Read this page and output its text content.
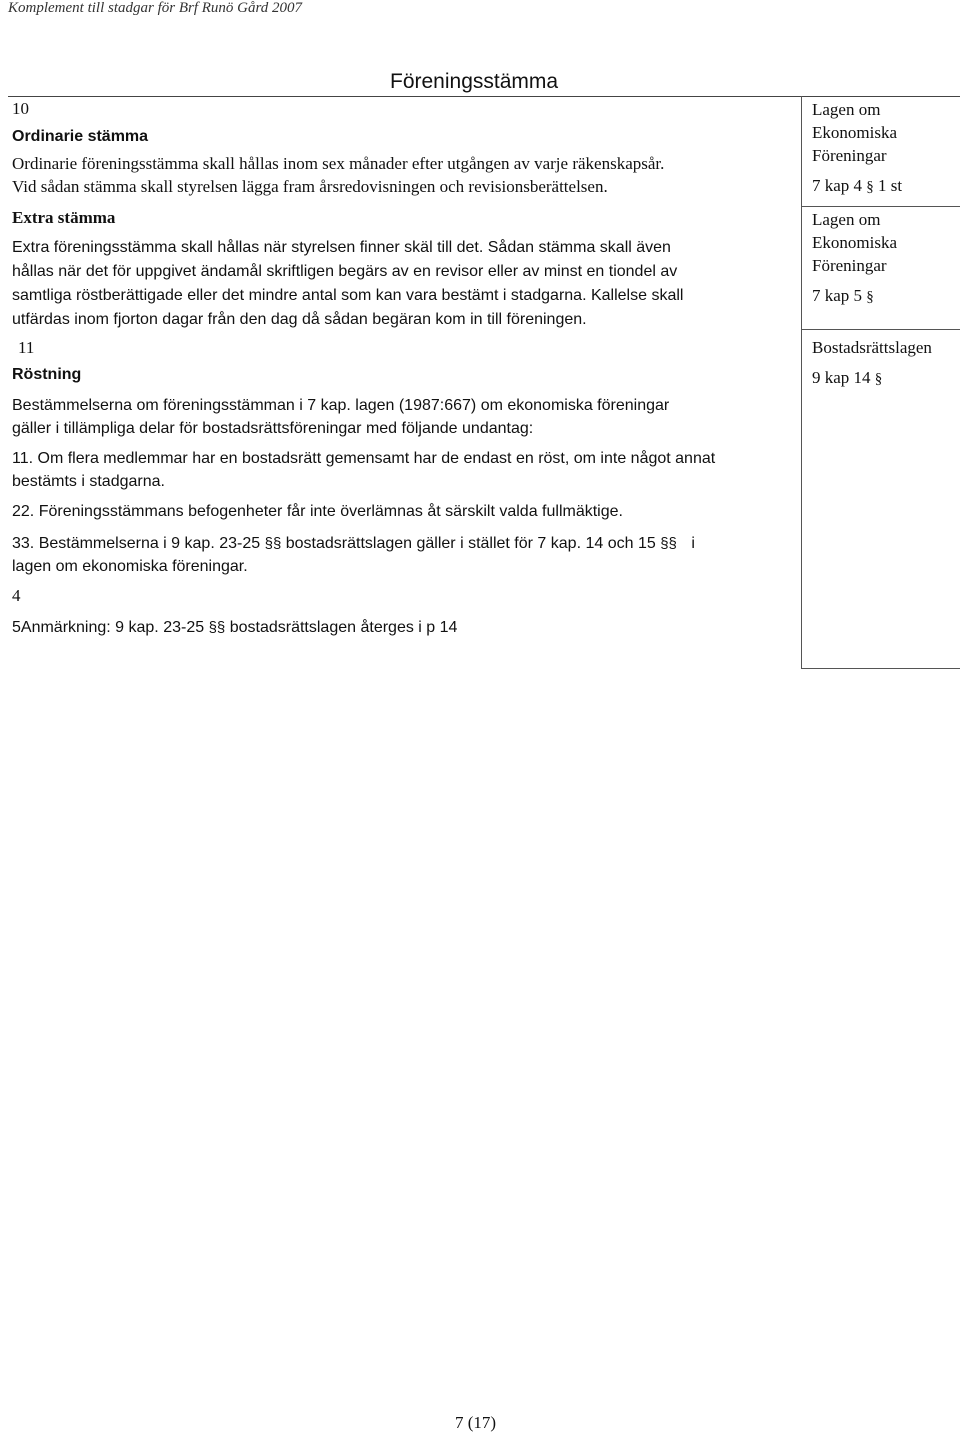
Komplement till stadgar för Brf Runö Gård 2007
Föreningsstämma
Lagen om
Ekonomiska
Föreningar
7 kap 4 § 1 st
Lagen om
Ekonomiska
Föreningar
7 kap 5 §
Bostadsrättslagen
9 kap 14 §
10
Ordinarie stämma
Ordinarie föreningsstämma skall hållas inom sex månader efter utgången av varje räkenskapsår.
Vid sådan stämma skall styrelsen lägga fram årsredovisningen och revisionsberättelsen.
Extra stämma
Extra föreningsstämma skall hållas när styrelsen finner skäl till det. Sådan stämma skall även
hållas när det för uppgivet ändamål skriftligen begärs av en revisor eller av minst en tiondel av
samtliga röstberättigade eller det mindre antal som kan vara bestämt i stadgarna. Kallelse skall
utfärdas inom fjorton dagar från den dag då sådan begäran kom in till föreningen.
11
Röstning
Bestämmelserna om föreningsstämman i 7 kap. lagen (1987:667) om ekonomiska föreningar
gäller i tillämpliga delar för bostadsrättsföreningar med följande undantag:
11. Om flera medlemmar har en bostadsrätt gemensamt har de endast en röst, om inte något annat
bestämts i stadgarna.
22. Föreningsstämmans befogenheter får inte överlämnas åt särskilt valda fullmäktige.
33. Bestämmelserna i 9 kap. 23-25 §§ bostadsrättslagen gäller i stället för 7 kap. 14 och 15 §§ i
lagen om ekonomiska föreningar.
4
5Anmärkning: 9 kap. 23-25 §§ bostadsrättslagen återges i p 14
7 (17)
